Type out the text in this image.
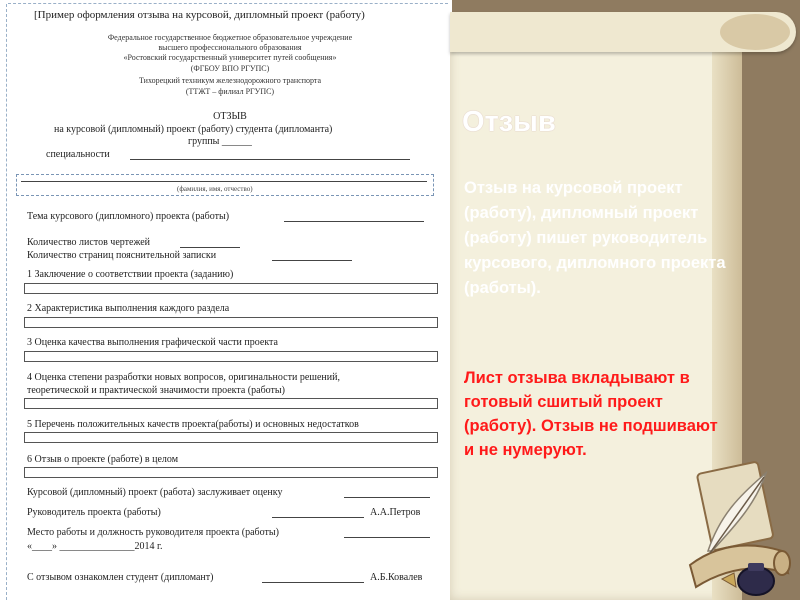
[Пример оформления отзыва на курсовой, дипломный проект (работу)
Федеральное государственное бюджетное образовательное учреждение
высшего профессионального образования
«Ростовский государственный университет путей сообщения»
(ФГБОУ ВПО РГУПС)
Тихорецкий техникум железнодорожного транспорта
(ТТЖТ – филиал РГУПС)
ОТЗЫВ
на курсовой (дипломный) проект (работу) студента (дипломанта)
группы ______
специальности
(фамилия, имя, отчество)
Тема курсового (дипломного) проекта (работы)
Количество листов чертежей
Количество страниц пояснительной записки
1 Заключение о соответствии проекта (заданию)
2 Характеристика выполнения каждого раздела
3 Оценка качества выполнения графической части проекта
4 Оценка степени разработки новых вопросов, оригинальности решений,
теоретической и практической значимости проекта (работы)
5 Перечень положительных качеств проекта(работы) и основных недостатков
6 Отзыв о проекте (работе) в целом
Курсовой (дипломный) проект (работа) заслуживает оценку
Руководитель проекта (работы)	А.А.Петров
Место работы и должность руководителя проекта (работы)
«____» _______________2014 г.
С отзывом ознакомлен студент (дипломант)	А.Б.Ковалев
Отзыв
Отзыв на курсовой проект (работу), дипломный проект (работу) пишет руководитель курсового, дипломного проекта (работы).
Лист отзыва вкладывают в готовый сшитый проект (работу). Отзыв не подшивают и не нумеруют.
